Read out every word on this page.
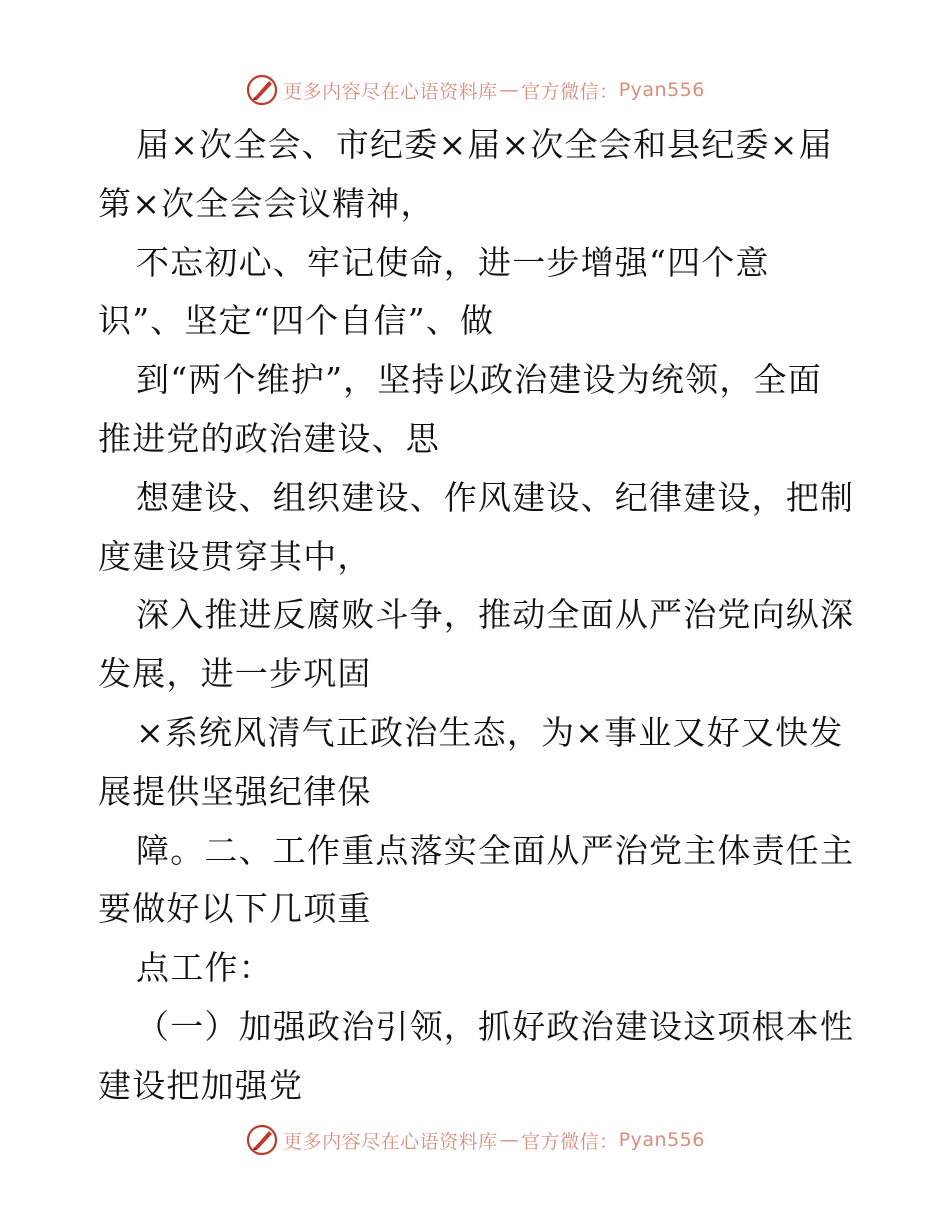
更多内容尽在心语资料库 — 官方微信： Pyan556
届×次全会、市纪委×届×次全会和县纪委×届
第×次全会会议精神，
不忘初心、牢记使命，进一步增强“四个意
识”、坚定“四个自信”、做
到“两个维护”，坚持以政治建设为统领，全面
推进党的政治建设、思
想建设、组织建设、作风建设、纪律建设，把制
度建设贯穿其中，
深入推进反腐败斗争，推动全面从严治党向纵深
发展，进一步巩固
×系统风清气正政治生态，为×事业又好又快发
展提供坚强纪律保
障。二、工作重点落实全面从严治党主体责任主
要做好以下几项重
点工作：
（一）加强政治引领，抓好政治建设这项根本性
建设把加强党
更多内容尽在心语资料库 — 官方微信： Pyan556
